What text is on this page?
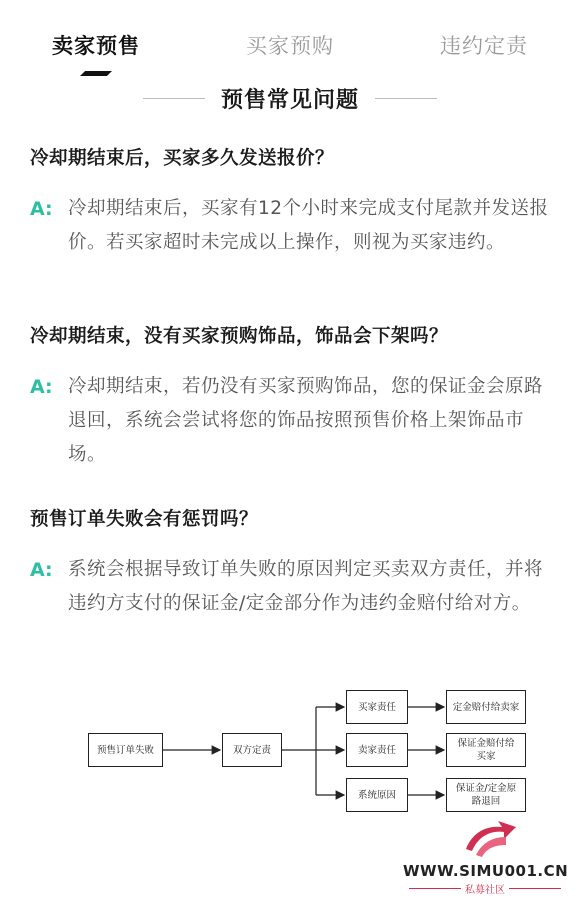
卖家预售	买家预购	违约定责
预售常见问题
冷却期结束后，买家多久发送报价？
A: 冷却期结束后，买家有12个小时来完成支付尾款并发送报价。若买家超时未完成以上操作，则视为买家违约。
冷却期结束，没有买家预购饰品，饰品会下架吗？
A: 冷却期结束，若仍没有买家预购饰品，您的保证金会原路退回，系统会尝试将您的饰品按照预售价格上架饰品市场。
预售订单失败会有惩罚吗？
A: 系统会根据导致订单失败的原因判定买卖双方责任，并将违约方支付的保证金/定金部分作为违约金赔付给对方。
预售订单失败	双方定责
买家责任
卖家责任
系统原因
定金赔付给卖家
保证金赔付给买家
保证金/定金原路退回
WWW.SIMU001.CN
私募社区
